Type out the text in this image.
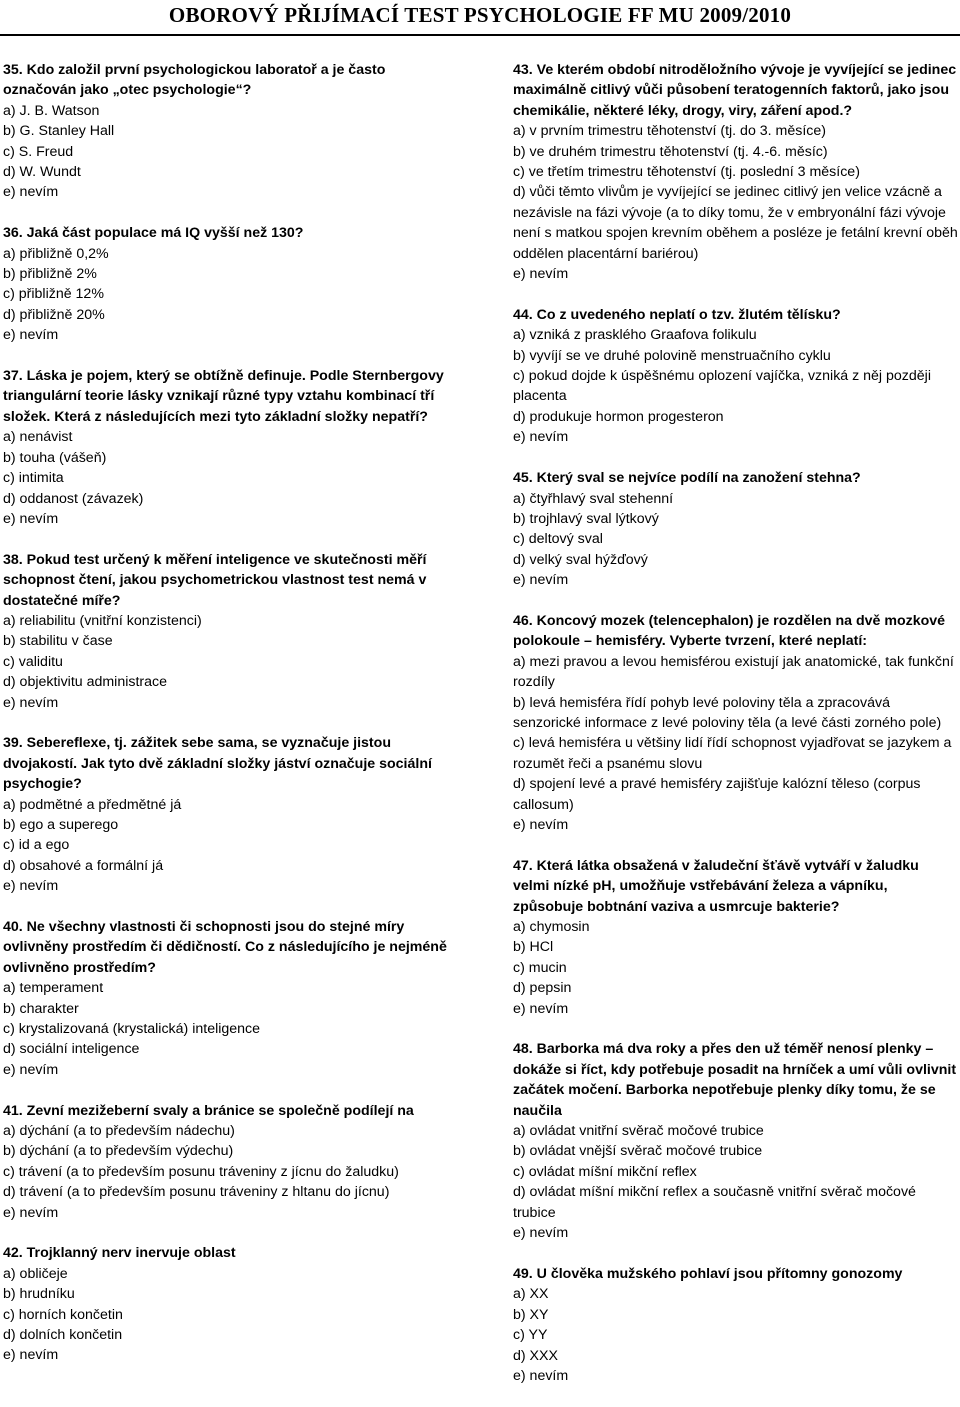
OBOROVÝ PŘIJÍMACÍ TEST PSYCHOLOGIE FF MU 2009/2010
35. Kdo založil první psychologickou laboratoř a je často označován jako „otec psychologie“?
a) J. B. Watson
b) G. Stanley Hall
c) S. Freud
d) W. Wundt
e) nevím
36. Jaká část populace má IQ vyšší než 130?
a) přibližně 0,2%
b) přibližně 2%
c) přibližně 12%
d) přibližně 20%
e) nevím
37. Láska je pojem, který se obtížně definuje. Podle Sternbergovy triangulární teorie lásky vznikají různé typy vztahu kombinací tří složek. Která z následujících mezi tyto základní složky nepatří?
a) nenávist
b) touha (vášeň)
c) intimita
d) oddanost (závazek)
e) nevím
38. Pokud test určený k měření inteligence ve skutečnosti měří schopnost čtení, jakou psychometrickou vlastnost test nemá v dostatečné míře?
a) reliabilitu (vnitřní konzistenci)
b) stabilitu v čase
c) validitu
d) objektivitu administrace
e) nevím
39. Sebereflexe, tj. zážitek sebe sama, se vyznačuje jistou dvojakostí. Jak tyto dvě základní složky jáství označuje sociální psychogie?
a) podmětné a předmětné já
b) ego a superego
c) id a ego
d) obsahové a formální já
e) nevím
40. Ne všechny vlastnosti či schopnosti jsou do stejné míry ovlivněny prostředím či dědičností. Co z následujícího je nejméně ovlivněno prostředím?
a) temperament
b) charakter
c) krystalizovaná (krystalická) inteligence
d) sociální inteligence
e) nevím
41. Zevní mezižeberní svaly a bránice se společně podílejí na
a) dýchání (a to především nádechu)
b) dýchání (a to především výdechu)
c) trávení (a to především posunu tráveniny z jícnu do žaludku)
d) trávení (a to především posunu tráveniny z hltanu do jícnu)
e) nevím
42. Trojklanný nerv inervuje oblast
a) obličeje
b) hrudníku
c) horních končetin
d) dolních končetin
e) nevím
43. Ve kterém období nitroděložního vývoje je vyvíjející se jedinec maximálně citlivý vůči působení teratogenních faktorů, jako jsou chemikálie, některé léky, drogy, viry, záření apod.?
a) v prvním trimestru těhotenství (tj. do 3. měsíce)
b) ve druhém trimestru těhotenství (tj. 4.-6. měsíc)
c) ve třetím trimestru těhotenství (tj. poslední 3 měsíce)
d) vůči těmto vlivům je vyvíjející se jedinec citlivý jen velice vzácně a nezávisle na fázi vývoje (a to díky tomu, že v embryonální fázi vývoje není s matkou spojen krevním oběhem a posléze je fetální krevní oběh oddělen placentární bariérou)
e) nevím
44. Co z uvedeného neplatí o tzv. žlutém tělísku?
a) vzniká z prasklého Graafova folikulu
b) vyvíjí se ve druhé polovině menstruačního cyklu
c) pokud dojde k úspěšnému oplození vajíčka, vzniká z něj později placenta
d) produkuje hormon progesteron
e) nevím
45. Který sval se nejvíce podílí na zanožení stehna?
a) čtyřhlavý sval stehenní
b) trojhlavý sval lýtkový
c) deltový sval
d) velký sval hýžďový
e) nevím
46. Koncový mozek (telencephalon) je rozdělen na dvě mozkové polokoule – hemisféry. Vyberte tvrzení, které neplatí:
a) mezi pravou a levou hemisférou existují jak anatomické, tak funkční rozdíly
b) levá hemisféra řídí pohyb levé poloviny těla a zpracovává senzorické informace z levé poloviny těla (a levé části zorného pole)
c) levá hemisféra u většiny lidí řídí schopnost vyjadřovat se jazykem a rozumět řeči a psanému slovu
d) spojení levé a pravé hemisféry zajišťuje kalózní těleso (corpus callosum)
e) nevím
47. Která látka obsažená v žaludeční šťávě vytváří v žaludku velmi nízké pH, umožňuje vstřebávání železa a vápníku, způsobuje bobtnání vaziva a usmrcuje bakterie?
a) chymosin
b) HCl
c) mucin
d) pepsin
e) nevím
48. Barborka má dva roky a přes den už téměř nenosí plenky – dokáže si říct, kdy potřebuje posadit na hrníček a umí vůli ovlivnit začátek močení. Barborka nepotřebuje plenky díky tomu, že se naučila
a) ovládat vnitřní svěrač močové trubice
b) ovládat vnější svěrač močové trubice
c) ovládat míšní mikční reflex
d) ovládat míšní mikční reflex a současně vnitřní svěrač močové trubice
e) nevím
49. U člověka mužského pohlaví jsou přítomny gonozomy
a) XX
b) XY
c) YY
d) XXX
e) nevím
